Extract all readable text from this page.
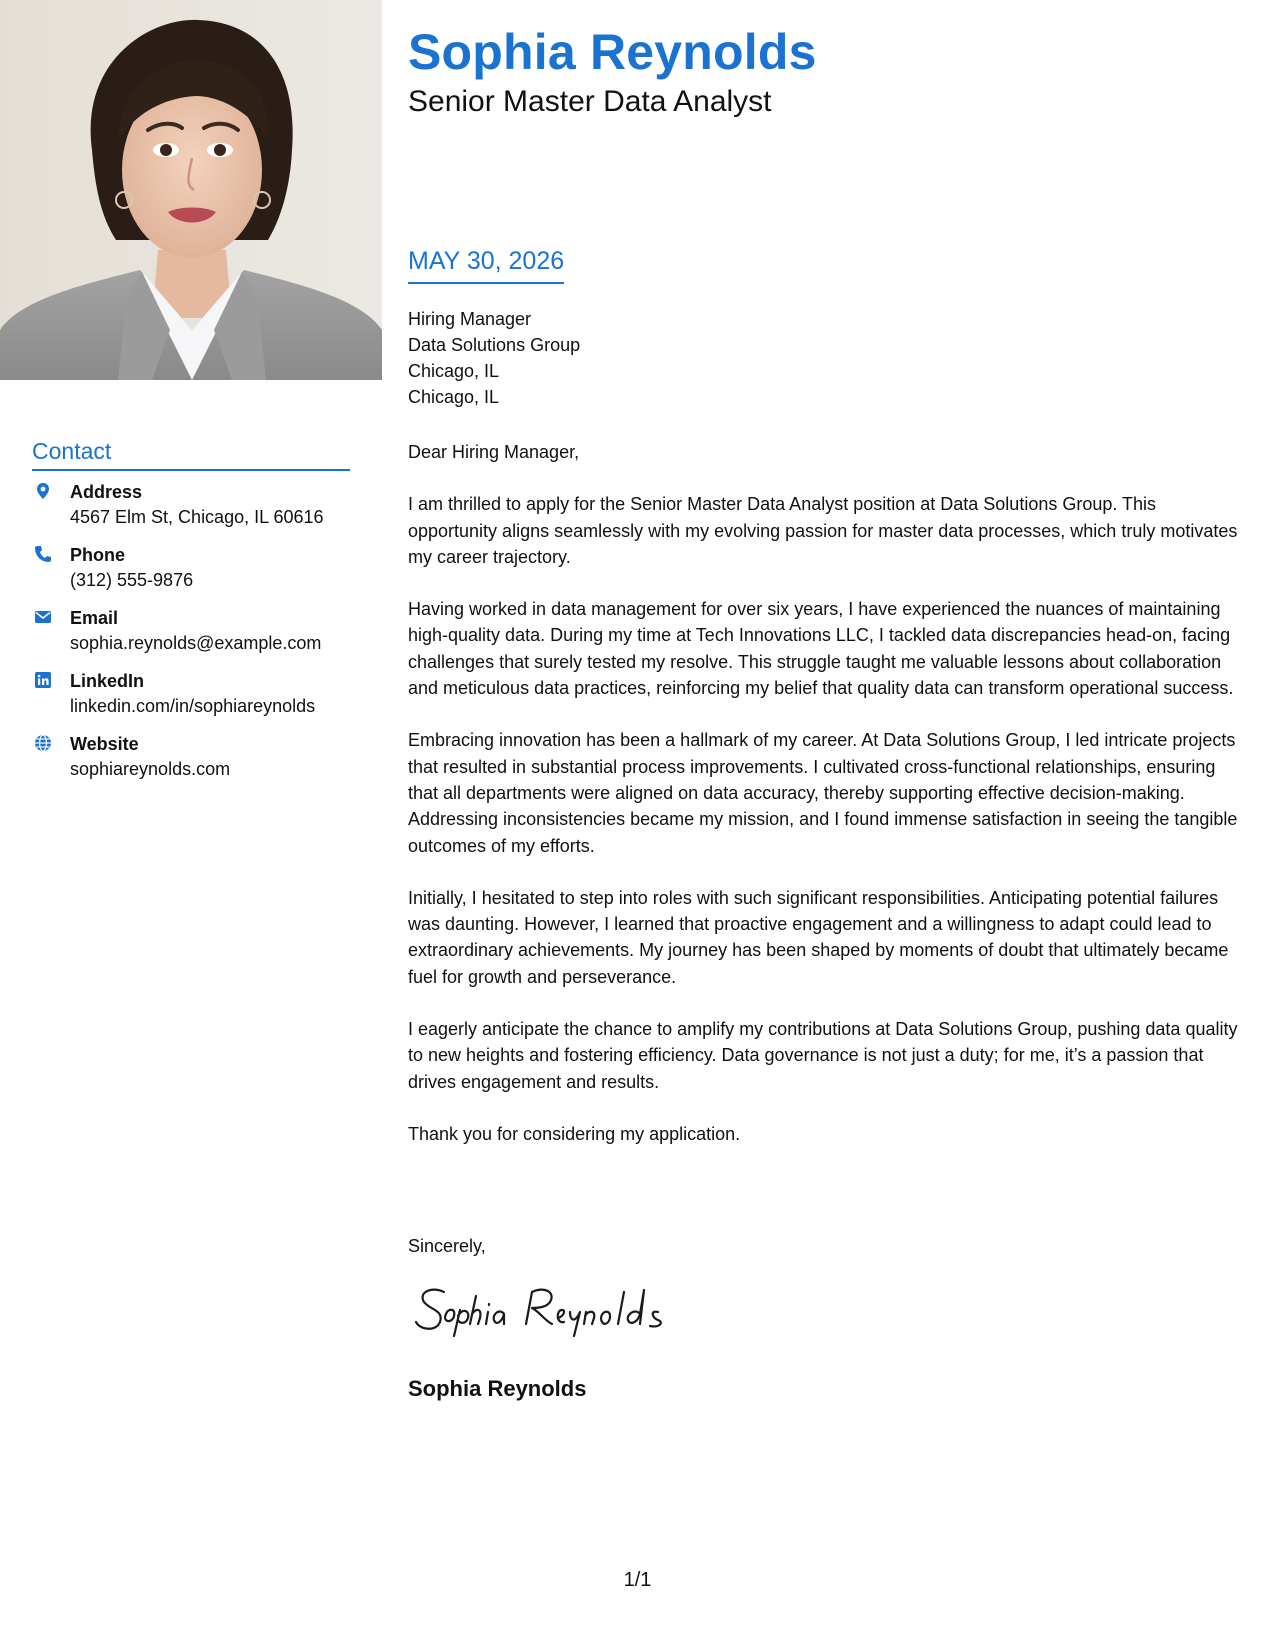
Sophia Reynolds
Senior Master Data Analyst
MAY 30, 2026
Hiring Manager
Data Solutions Group
Chicago, IL
Chicago, IL

Dear Hiring Manager,

I am thrilled to apply for the Senior Master Data Analyst position at Data Solutions Group. This opportunity aligns seamlessly with my evolving passion for master data processes, which truly motivates my career trajectory.

Having worked in data management for over six years, I have experienced the nuances of maintaining high-quality data. During my time at Tech Innovations LLC, I tackled data discrepancies head-on, facing challenges that surely tested my resolve. This struggle taught me valuable lessons about collaboration and meticulous data practices, reinforcing my belief that quality data can transform operational success.

Embracing innovation has been a hallmark of my career. At Data Solutions Group, I led intricate projects that resulted in substantial process improvements. I cultivated cross-functional relationships, ensuring that all departments were aligned on data accuracy, thereby supporting effective decision-making. Addressing inconsistencies became my mission, and I found immense satisfaction in seeing the tangible outcomes of my efforts.

Initially, I hesitated to step into roles with such significant responsibilities. Anticipating potential failures was daunting. However, I learned that proactive engagement and a willingness to adapt could lead to extraordinary achievements. My journey has been shaped by moments of doubt that ultimately became fuel for growth and perseverance.

I eagerly anticipate the chance to amplify my contributions at Data Solutions Group, pushing data quality to new heights and fostering efficiency. Data governance is not just a duty; for me, it’s a passion that drives engagement and results.

Thank you for considering my application.

Sincerely,
Sophia Reynolds
Contact
Address
4567 Elm St, Chicago, IL 60616
Phone
(312) 555-9876
Email
sophia.reynolds@example.com
LinkedIn
linkedin.com/in/sophiareynolds
Website
sophiareynolds.com
1/1
